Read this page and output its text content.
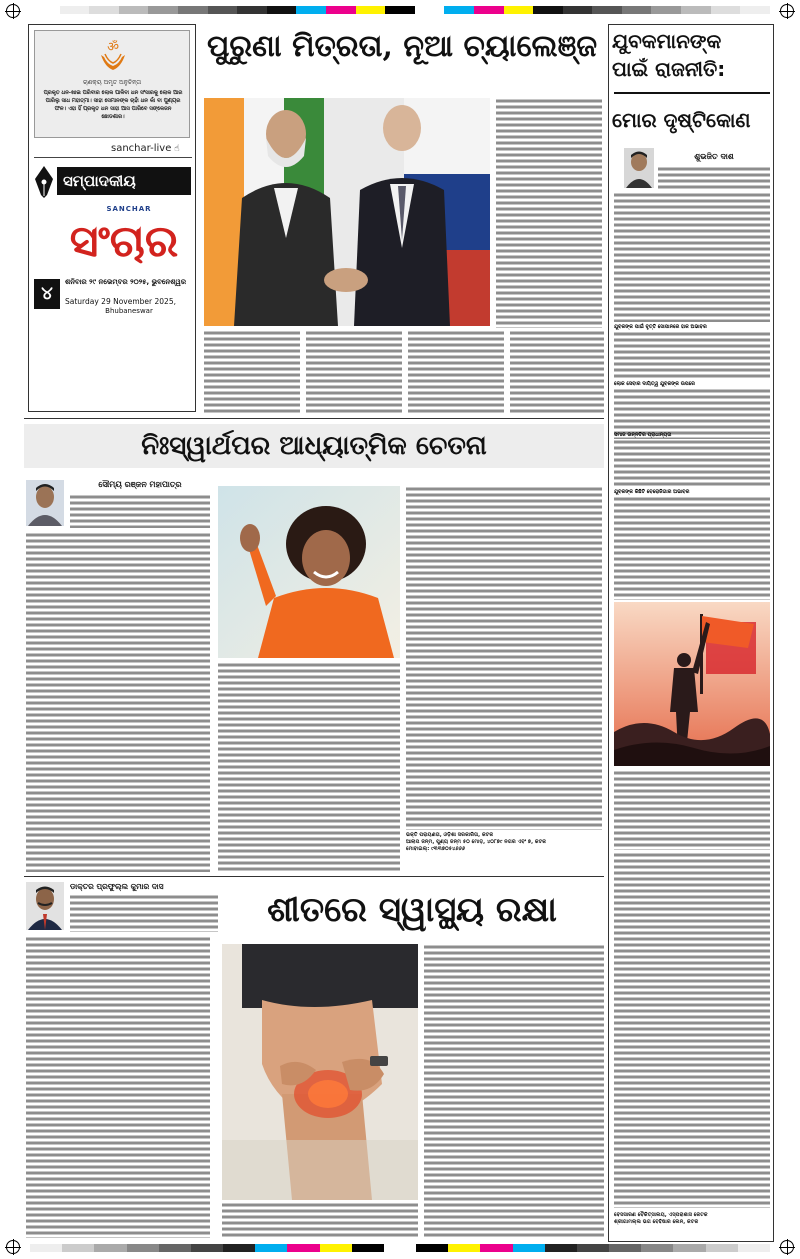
ॐ
ଚାଣକ୍ୟ ଅମୃତ ଅନୁଚିନ୍ତା
ପ୍ରକୃତ ଧନ-ଖାଇ ପରିବାର ଲୋକ ପାଳିବା ଧନ ସଂସାରକୁ ଲୋକ ଆର ପାରିଲୁ ସାଧ ମହାତ୍ମା। ସାହା ସେମାନଙ୍କ ଚାହାଁ ଧନ କାଁ ବା ପୁଣ୍ୟର ଫଳ। ଏହା ହିଁ ପ୍ରକୃତ ଧନ ସାହା ଆସ ପାରିବେ ସଙ୍କେଜନ ଛୋଡଶାର।
sanchar-live ☝
ସମ୍ପାଦକୀୟ
SANCHAR
ସଂଚାର
୪
ଶନିବାର ୨୯ ନଭେମ୍ବର ୨୦୨୫, ଭୁବନେଶ୍ୱର
Saturday 29 November 2025,
Bhubaneswar
ପୁରୁଣା ମିତ୍ରତା, ନୂଆ ଚ୍ୟାଲେଞ୍ଜ ଯୁବକମାନଙ୍କ
ପାଇଁ ରାଜନୀତି:
ମୋର ଦୃଷ୍ଟିକୋଣ
ଶୁଭଜିତ ଦାଶ
ଯୁବକଙ୍କ ପାଇଁ ବୃତ୍ତି ସୋପାନରେ ହାକ ଅଭାବର
ଲୋକ ସେବାର ଦାୟିତ୍ୱ ଯୁବକଙ୍କ ଉପରେ
ସମାଜ ଉନ୍ନତିର ପ୍ରାଧାନ୍ୟତା
ଯୁବକଙ୍କ କିଛିଟି ବେରୋଜିଗାର ଅଭାବର
ନିଃସ୍ୱାର୍ଥପର ଆଧ୍ୟାତ୍ମିକ ଚେତନା
ସୌମ୍ୟ ରଞ୍ଜନ ମହାପାତ୍ର
ଭକ୍ତି ପରାୟଣତା, ଓଡ଼ିଶା ସରକାରିତା, କଟକ
ଆଲାପ ଜନ୍ମ, ପୁଣ୍ୟ ଜନ୍ମ ୫୦ ମୋଡ଼, ୪୦୮୭୯ ନଗର ଏବଂ ୭, କଟକ
ମୋବାଇଲ୍: ୯୩୩୭୦୫୪୬୬୬
ଡାକ୍ତର ପ୍ରଫୁଲ୍ଲ କୁମାର ଦାସ
ଶୀତରେ ସ୍ୱାସ୍ଥ୍ୟ ରକ୍ଷା
ବେସସାରଣ ବୈକିତ୍ସାଲୟ, ଏସ୍ପରାଶାସ କେଟକ
ଶ୍ରୀଗାମଲ୍ଲ ଭଗ ବେହିଷାର ଲେନ, କଟକ
